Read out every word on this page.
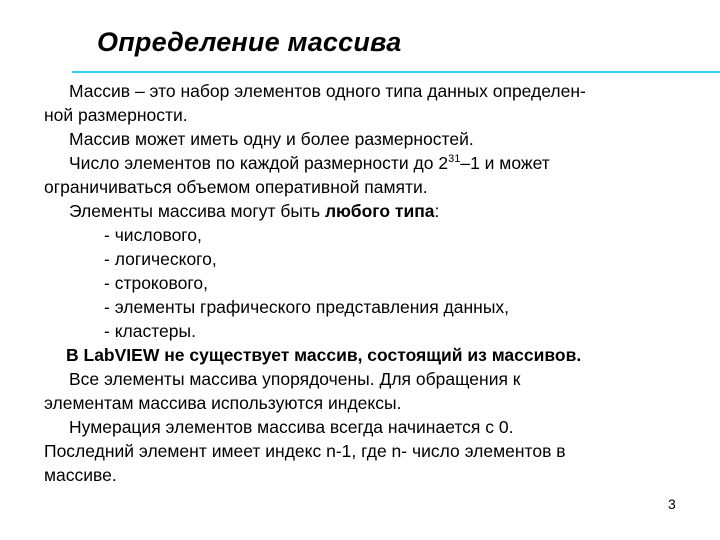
Определение массива
Массив – это набор элементов одного типа данных определен-
ной размерности.
Массив может иметь одну и более размерностей.
Число элементов по каждой размерности до $2^{31}-1$ и может
ограничиваться объемом оперативной памяти.
Элементы массива могут быть любого типа:
- числового,
- логического,
- строкового,
- элементы графического представления данных,
- кластеры.
В LabVIEW не существует массив, состоящий из массивов.
Все элементы массива упорядочены. Для обращения к
элементам массива используются индексы.
Нумерация элементов массива всегда начинается с 0.
Последний элемент имеет индекс n-1, где n- число элементов в
массиве.
3
